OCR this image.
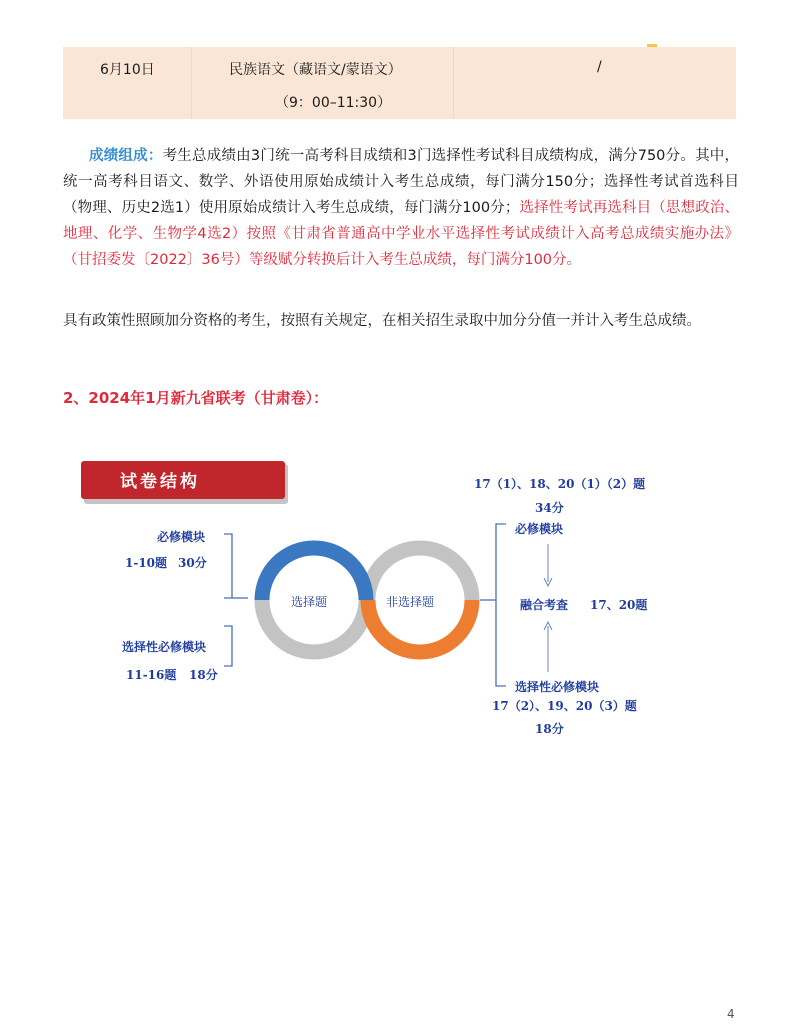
6月10日	民族语文（藏语文/蒙语文）	/
（9：00–11:30）
成绩组成：考生总成绩由3门统一高考科目成绩和3门选择性考试科目成绩构成，满分750分。其中，统一高考科目语文、数学、外语使用原始成绩计入考生总成绩，每门满分150分；选择性考试首选科目（物理、历史2选1）使用原始成绩计入考生总成绩，每门满分100分；选择性考试再选科目（思想政治、地理、化学、生物学4选2）按照《甘肃省普通高中学业水平选择性考试成绩计入高考总成绩实施办法》（甘招委发〔2022〕36号）等级赋分转换后计入考生总成绩，每门满分100分。
具有政策性照顾加分资格的考生，按照有关规定，在相关招生录取中加分分值一并计入考生总成绩。
2、2024年1月新九省联考（甘肃卷）：
试卷结构
必修模块
1-10题 30分
选择性必修模块
11-16题 18分
选择题	非选择题
17（1）、18、20（1）（2）题
34分
必修模块
融合考查 17、20题
选择性必修模块
17（2）、19、20（3）题
18分
4
